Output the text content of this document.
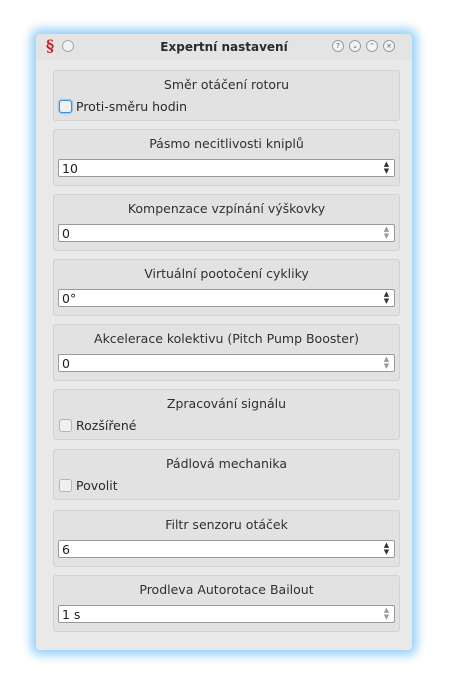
§	Expertní nastavení	?	⌄	⌃	×
Směr otáčení rotoru
Proti-směru hodin
Pásmo necitlivosti kniplů
10	▲
▼
Kompenzace vzpínání výškovky
0	▲
▼
Virtuální pootočení cykliky
0°	▲
▼
Akcelerace kolektivu (Pitch Pump Booster)
0	▲
▼
Zpracování signálu
Rozšířené
Pádlová mechanika
Povolit
Filtr senzoru otáček
6	▲
▼
Prodleva Autorotace Bailout
1 s	▲
▼
